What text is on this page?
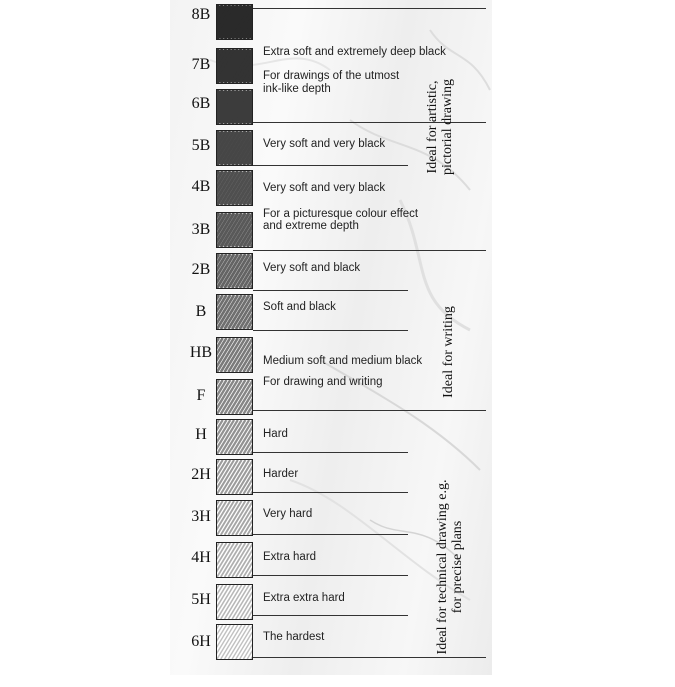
8B
7B
6B
5B
4B
3B
2B
B
HB
F
H
2H
3H
4H
5H
6H
Extra soft and extremely deep black
For drawings of the utmost
ink-like depth
Very soft and very black
Very soft and very black
For a picturesque colour effect
and extreme depth
Very soft and black
Soft and black
Medium soft and medium black
For drawing and writing
Hard
Harder
Very hard
Extra hard
Extra extra hard
The hardest
Ideal for artistic, pictorial drawing
Ideal for writing
Ideal for technical drawing e.g. for precise plans
